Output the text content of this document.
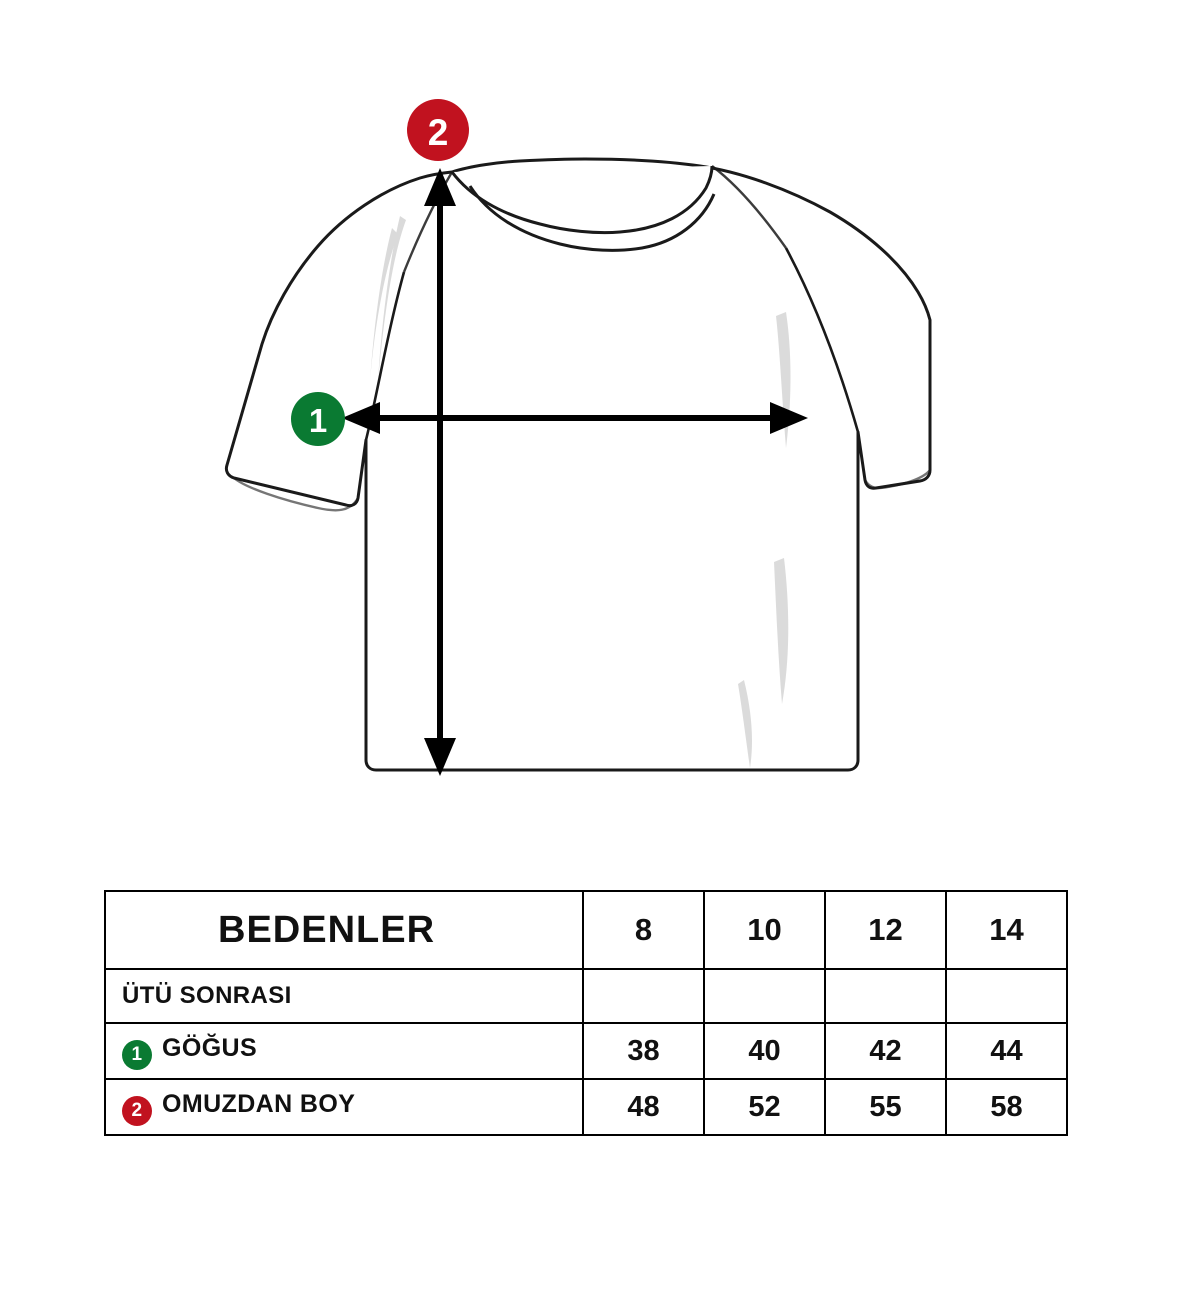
2
1
BEDENLER	8	10	12	14
ÜTÜ SONRASI				
1 GÖĞUS	38	40	42	44
2 OMUZDAN BOY	48	52	55	58
